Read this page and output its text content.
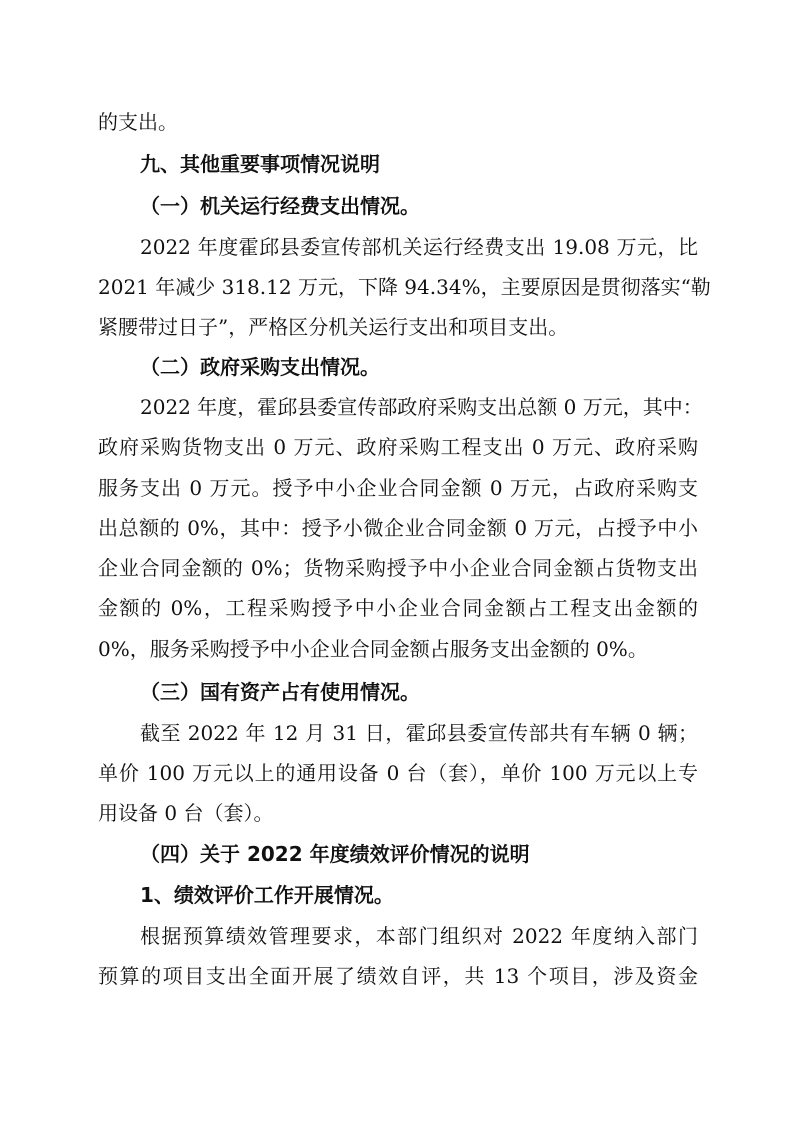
的支出。
九、其他重要事项情况说明
（一）机关运行经费支出情况。
2022 年度霍邱县委宣传部机关运行经费支出 19.08 万元，比
2021 年减少 318.12 万元，下降 94.34%，主要原因是贯彻落实“勒
紧腰带过日子”，严格区分机关运行支出和项目支出。
（二）政府采购支出情况。
2022 年度，霍邱县委宣传部政府采购支出总额 0 万元，其中：
政府采购货物支出 0 万元、政府采购工程支出 0 万元、政府采购
服务支出 0 万元。授予中小企业合同金额 0 万元，占政府采购支
出总额的 0%，其中：授予小微企业合同金额 0 万元，占授予中小
企业合同金额的 0%；货物采购授予中小企业合同金额占货物支出
金额的 0%，工程采购授予中小企业合同金额占工程支出金额的
0%，服务采购授予中小企业合同金额占服务支出金额的 0%。
（三）国有资产占有使用情况。
截至 2022 年 12 月 31 日，霍邱县委宣传部共有车辆 0 辆；
单价 100 万元以上的通用设备 0 台（套），单价 100 万元以上专
用设备 0 台（套）。
（四）关于 2022 年度绩效评价情况的说明
1、绩效评价工作开展情况。
根据预算绩效管理要求，本部门组织对 2022 年度纳入部门
预算的项目支出全面开展了绩效自评，共 13 个项目，涉及资金
